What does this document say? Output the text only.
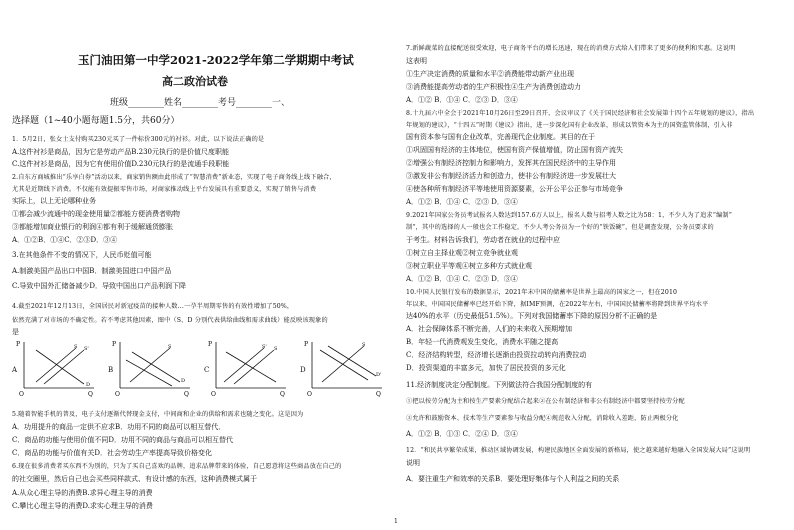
玉门油田第一中学2021-2022学年第二学期期中考试
高二政治试卷
班级________姓名________考号________一、
选择题（1~40小题每题1.5分，共60分）
1．5月2日，张女士支付购买230元买了一件标价300元的衬衫。对此，以下说法正确的是
A.这件衬衫是商品，因为它是劳动产品B.230元执行的是价值尺度职能
C.这件衬衫是商品，因为它有使用价值D.230元执行的是流通手段职能
2.自东方商城推出“乐享白券”活动以来，商家销售额由此形成了“智慧消费”新业态，实现了电子商务线上线下融合，
尤其是近期线下消费。不仅能有效提振零售市场，对商家推动线上平台发展具有重要意义，实现了销售与消费
实际上，以上无论哪种业务
①都会减少流通中的现金使用量②都能方便消费者购物
③都能增加商业银行的利润④都有利于缓解通货膨胀
A．①②B．①④C．②③D．③④
3.在其他条件不变的情况下，人民币贬值可能
A.制激美国产品出口中国B．制激美国进口中国产品
C.导致中国外汇储备减少D．导致中国出口产品利润下降
4.截至2021年12月13日，全国居民对新冠疫苗的接种人数...一孕半周期零售的有效性增加了50%，
依然充满了对市场的不确定性。若不考虑其他因素，图中（S、D 分别代表供给曲线和需求曲线）能反映该现象的
是
P
Q
O
S S'
D
A
P
Q
O
S
D
B
P
Q
O
S' S
C
P
Q
O
S
D'
D
5.随着智能手机的普及，电子支付逐渐代替现金支付，中间商和企业的供给和需求也随之变化。这是因为
A．功用提升的商品一定供不应求B．功用不同的商品可以相互替代．
C．商品的功能与使用价值不同D．功用不同的商品与商品可以相互替代
C．商品的功能与价值有关D．社会劳动生产率提高导致价格变化
6.现在很多消费者买东西不为别的，只为了买自己喜欢的品牌，追求品牌带来的体验，自己愿意将这些商品放在自己的
的社交圈里，然后自己也会买些同样款式、有设计感的东西，这种消费模式属于
A.从众心理主导的消费B.求异心理主导的消费
C.攀比心理主导的消费D.求实心理主导的消费
7.新鲜蔬菜的直接配送很受欢迎，电子商务平台的增长迅速，现在的消费方式给人们带来了更多的便利和实惠。这说明
这表明
①生产决定消费的质量和水平②消费能带动新产业出现
③消费能提高劳动者的生产积极性④生产为消费创造动力
A．①② B．①④ C．②③ D．③④
8.十九届六中全会于2021年10月26日至29日召开，会议审议了《关于国民经济和社会发展第十四个五年规划的建议》，指出
年规划的建议》，“十四五”时期《建议》指出，进一步深化国有企业改革，形成以管资本为主的国资监管体制，引入非
国有资本参与国有企业改革，完善现代企业制度。其目的在于
①巩固国有经济的主体地位，使国有资产保值增值，防止国有资产流失
②增强公有制经济控制力和影响力，发挥其在国民经济中的主导作用
③激发非公有制经济活力和创造力，使非公有制经济进一步发展壮大
④使各种所有制经济平等地使用资源要素，公开公平公正参与市场竞争
A．①② B．①④ C．②③ D．③④
9.2021年国家公务员考试报名人数达到157.6万人以上，报名人数与招考人数之比为58：1，不少人为了追求“编制”
制“，其中的选择的人一般也会工作稳定，不少人考公务员为一个好的“铁饭碗”，但是调查发现，公务员要求的
于考生。材料告诉我们，劳动者在就业的过程中应
①树立自主择业观②树立竞争就业观
③树立职业平等观④树立多种方式就业观
A．①② B．①④ C．②③ D．③④
10.中国人民银行发布的数据显示，2021年末中国的储蓄率是世界上最高的国家之一，但在2010
年以来，中国国民储蓄率已经开始下降，据IMF预测，在2022年左右，中国国民储蓄率将降到世界平均水平
达40%的水平（历史最低51.5%）。下列对我国储蓄率下降的原因分析不正确的是
A．社会保障体系不断完善，人们的未来收入预期增加
B．年轻一代消费观发生变化，消费水平随之提高
C．经济结构转型，经济增长逐渐由投资拉动转向消费拉动
D．投资渠道的丰富多元，加快了居民投资的多元化
11.经济制度决定分配制度。下列做法符合我国分配制度的有
①把以按劳分配为主和按生产要素分配结合起来②在公有制经济和非公有制经济中都要坚持按劳分配
③允许和鼓励资本、技术等生产要素参与收益分配④规范收入分配，消除收入差距，防止两极分化
A．①② B．①③ C．②④ D．③④
12．“和民共享繁荣成果，推动区域协调发展，构建民族地区全面发展的新格局，使之越来越好地融入全国发展大局”这说明
说明
A．要注重生产和效率的关系B．要处理好集体与个人利益之间的关系
1
